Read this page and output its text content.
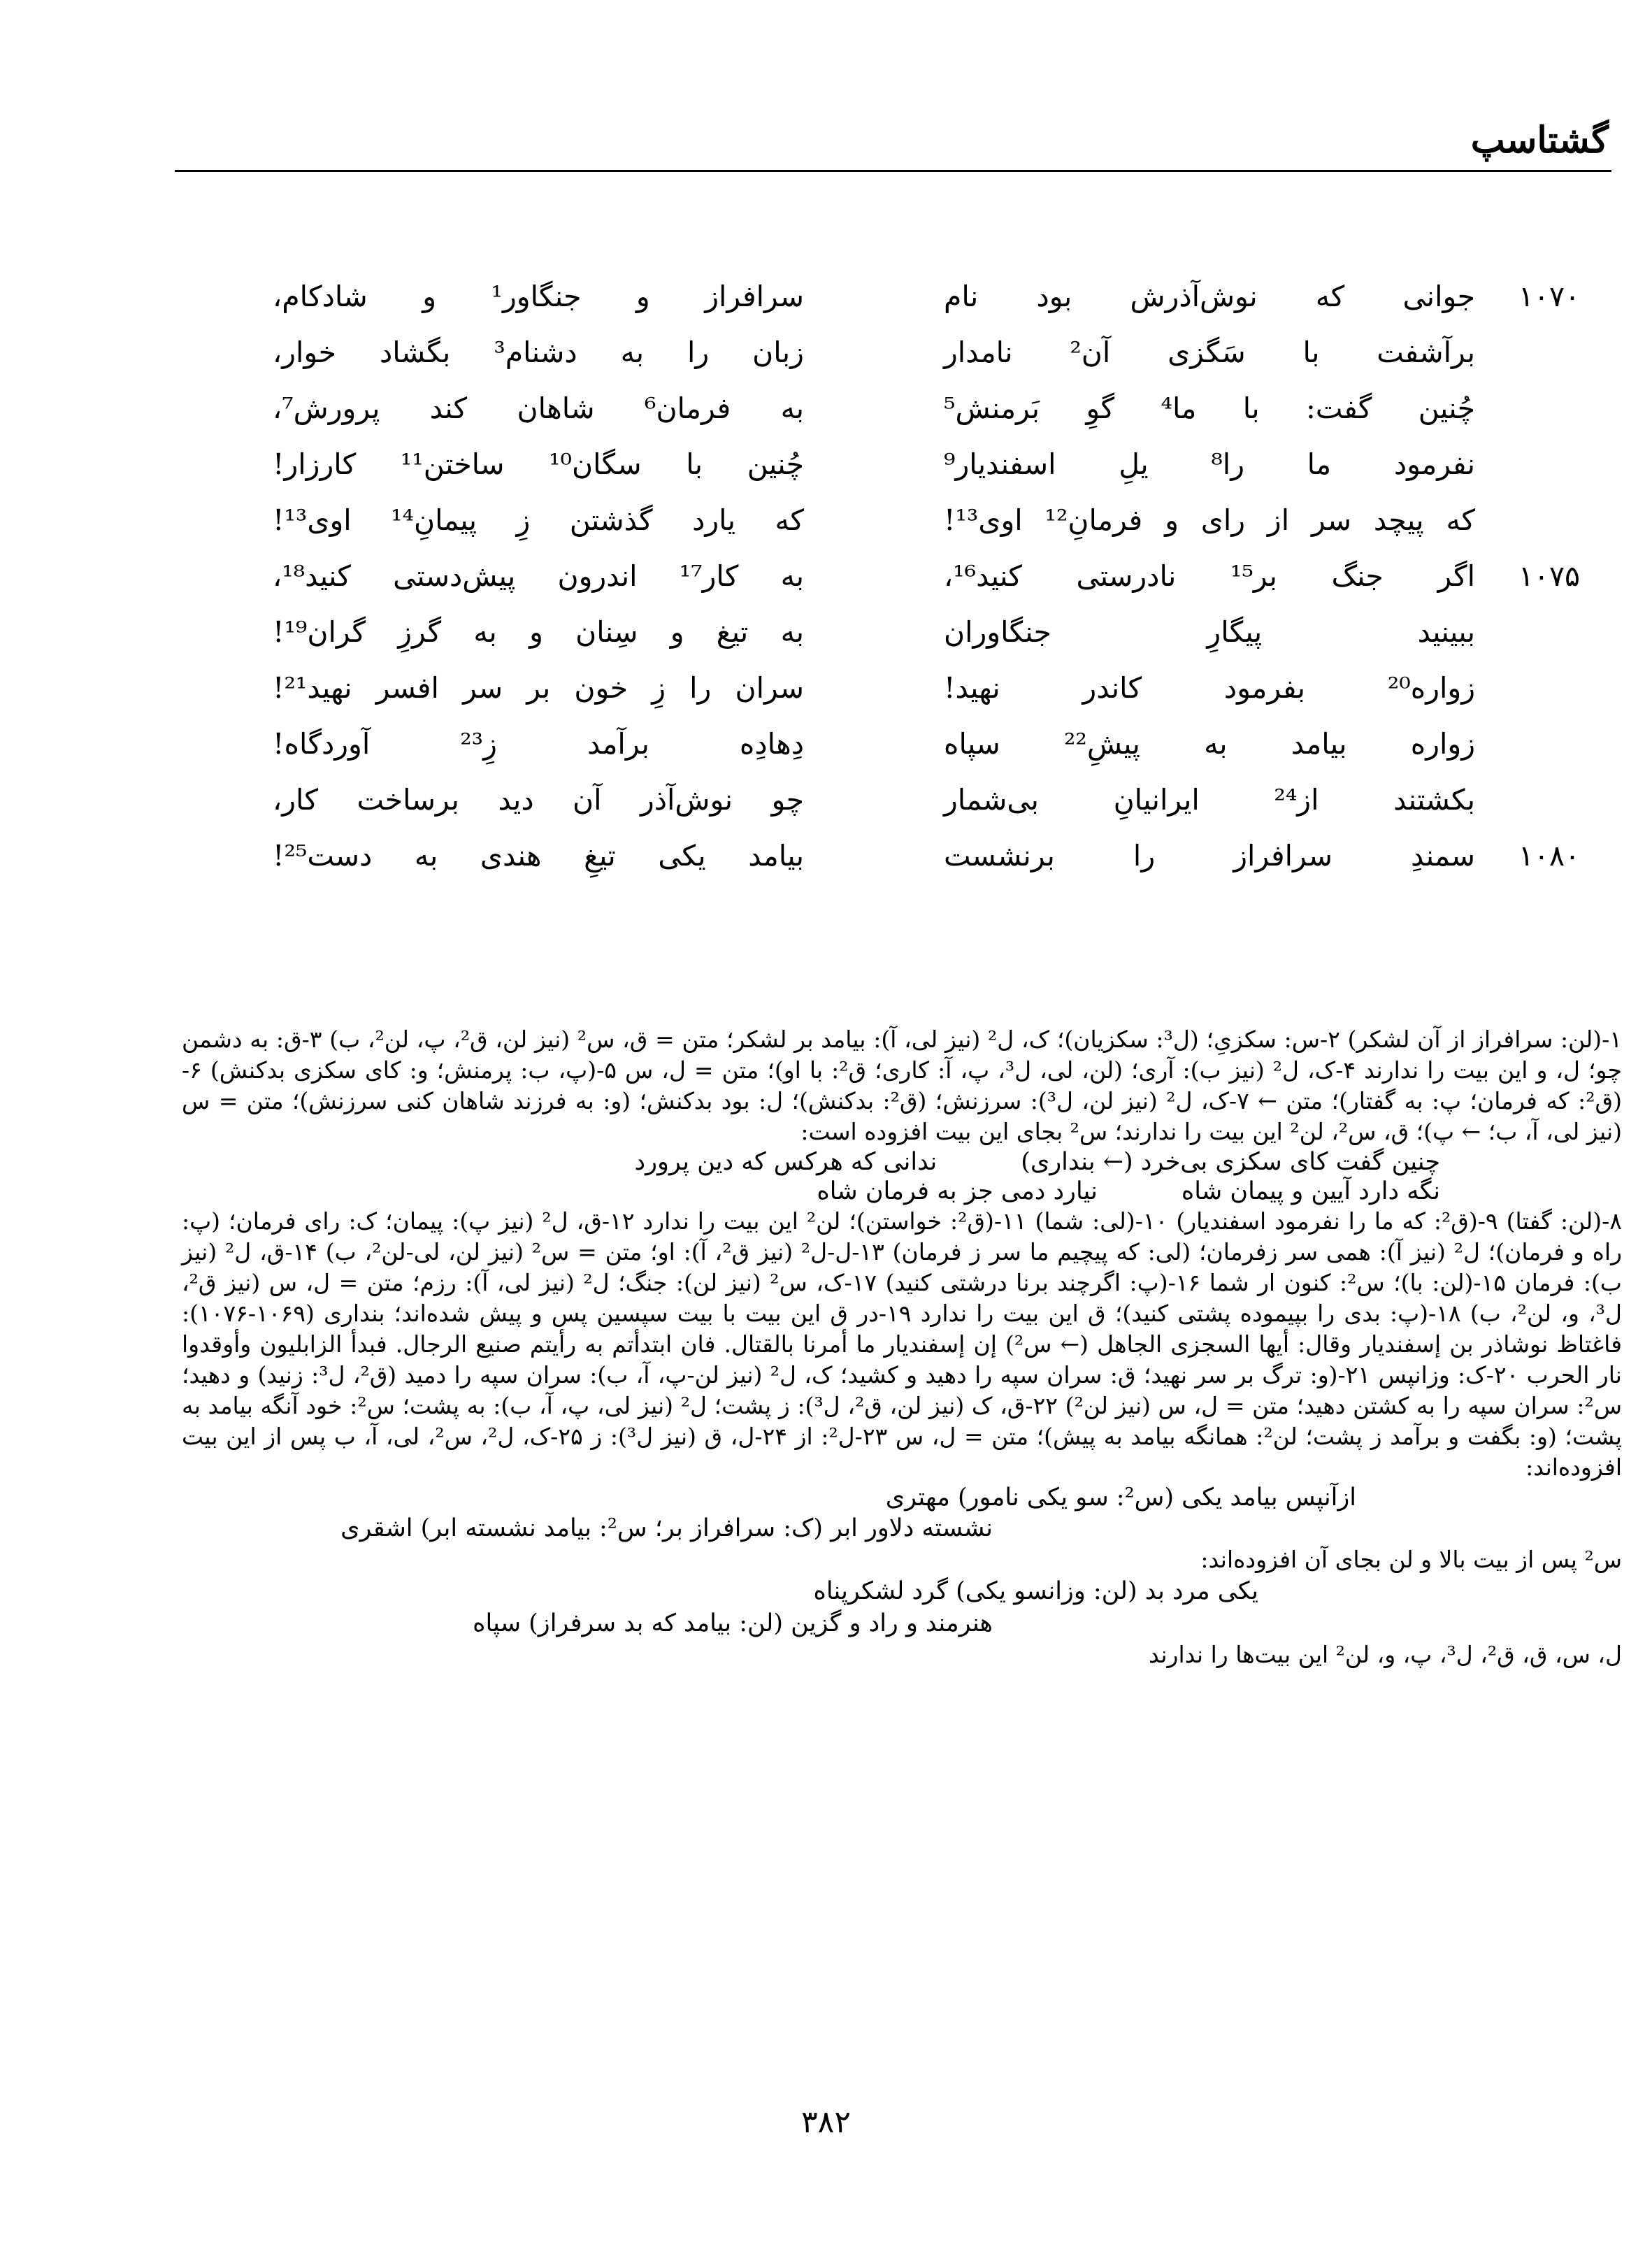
گشتاسپ
۱۰۷۰
جوانی که نوش‌آذرش بود نام
سرافراز و جنگاور¹ و شادکام،
برآشفت با سَگزی آن² نامدار
زبان را به دشنام³ بگشاد خوار،
چُنین گفت: با ما⁴ گوِ بَرمنش⁵
به فرمان⁶ شاهان کند پرورش⁷،
نفرمود ما را⁸ یلِ اسفندیار⁹
چُنین با سگان¹⁰ ساختن¹¹ کارزار!
که پیچد سر از رای و فرمانِ¹² اوی¹³!
که یارد گذشتن زِ پیمانِ¹⁴ اوی¹³!
۱۰۷۵
اگر جنگ بر¹⁵ نادرستی کنید¹⁶،
به کار¹⁷ اندرون پیش‌دستی کنید¹⁸،
ببینید پیگارِ جنگاوران
به تیغ و سِنان و به گرزِ گران¹⁹!
زواره²⁰ بفرمود کاندر نهید!
سران را زِ خون بر سر افسر نهید²¹!
زواره بیامد به پیشِ²² سپاه
دِهادِه برآمد زِ²³ آوردگاه!
بکشتند از²⁴ ایرانیانِ بی‌شمار
چو نوش‌آذر آن دید برساخت کار،
۱۰۸۰
سمندِ سرافراز را برنشست
بیامد یکی تیغِ هندی به دست²⁵!

۱-(لن: سرافراز از آن لشکر) ۲-س: سکزیِ؛ (ل³: سکزیان)؛ ک، ل² (نیز لی، آ): بیامد بر لشکر؛ متن = ق، س² (نیز لن، ق²، پ، لن²، ب) ۳-ق: به دشمن چو؛ ل، و این بیت را ندارند ۴-ک، ل² (نیز ب): آری؛ (لن، لی، ل³، پ، آ: کاری؛ ق²: با او)؛ متن = ل، س ۵-(پ، ب: پرمنش؛ و: کای سکزی بدکنش) ۶-(ق²: که فرمان؛ پ: به گفتار)؛ متن ← ۷-ک، ل² (نیز لن، ل³): سرزنش؛ (ق²: بدکنش)؛ ل: بود بدکنش؛ (و: به فرزند شاهان کنی سرزنش)؛ متن = س (نیز لی، آ، ب؛ ← پ)؛ ق، س²، لن² این بیت را ندارند؛ س² بجای این بیت افزوده است:

چنین گفت کای سکزی بی‌خرد (← بنداری)
ندانی که هرکس که دین پرورد
نگه دارد آیین و پیمان شاه
نیارد دمی جز به فرمان شاه

۸-(لن: گفتا) ۹-(ق²: که ما را نفرمود اسفندیار) ۱۰-(لی: شما) ۱۱-(ق²: خواستن)؛ لن² این بیت را ندارد ۱۲-ق، ل² (نیز پ): پیمان؛ ک: رای فرمان؛ (پ: راه و فرمان)؛ ل² (نیز آ): همی سر زفرمان؛ (لی: که پیچیم ما سر ز فرمان) ۱۳-ل-ل² (نیز ق²، آ): او؛ متن = س² (نیز لن، لی-لن²، ب) ۱۴-ق، ل² (نیز ب): فرمان ۱۵-(لن: با)؛ س²: کنون ار شما ۱۶-(پ: اگرچند برنا درشتی کنید) ۱۷-ک، س² (نیز لن): جنگ؛ ل² (نیز لی، آ): رزم؛ متن = ل، س (نیز ق²، ل³، و، لن²، ب) ۱۸-(پ: بدی را بپیموده پشتی کنید)؛ ق این بیت را ندارد ۱۹-در ق این بیت با بیت سپسین پس و پیش شده‌اند؛ بنداری (۱۰۶۹-۱۰۷۶): فاغتاظ نوشاذر بن إسفندیار وقال: أیها السجزی الجاهل (← س²) إن إسفندیار ما أمرنا بالقتال. فان ابتدأتم به رأیتم صنیع الرجال. فبدأ الزابلیون وأوقدوا نار الحرب ۲۰-ک: وزانپس ۲۱-(و: ترگ بر سر نهید؛ ق: سران سپه را دهید و کشید؛ ک، ل² (نیز لن-پ، آ، ب): سران سپه را دمید (ق²، ل³: زنید) و دهید؛ س²: سران سپه را به کشتن دهید؛ متن = ل، س (نیز لن²) ۲۲-ق، ک (نیز لن، ق²، ل³): ز پشت؛ ل² (نیز لی، پ، آ، ب): به پشت؛ س²: خود آنگه بیامد به پشت؛ (و: بگفت و برآمد ز پشت؛ لن²: همانگه بیامد به پیش)؛ متن = ل، س ۲۳-ل²: از ۲۴-ل، ق (نیز ل³): ز ۲۵-ک، ل²، س²، لی، آ، ب پس از این بیت افزوده‌اند:

ازآنپس بیامد یکی (س²: سو یکی نامور) مهتری
نشسته دلاور ابر (ک: سرافراز بر؛ س²: بیامد نشسته ابر) اشقری

س² پس از بیت بالا و لن بجای آن افزوده‌اند:

یکی مرد بد (لن: وزانسو یکی) گرد لشکرپناه
هنرمند و راد و گزین (لن: بیامد که بد سرفراز) سپاه

ل، س، ق، ق²، ل³، پ، و، لن² این بیت‌ها را ندارند

۳۸۲
